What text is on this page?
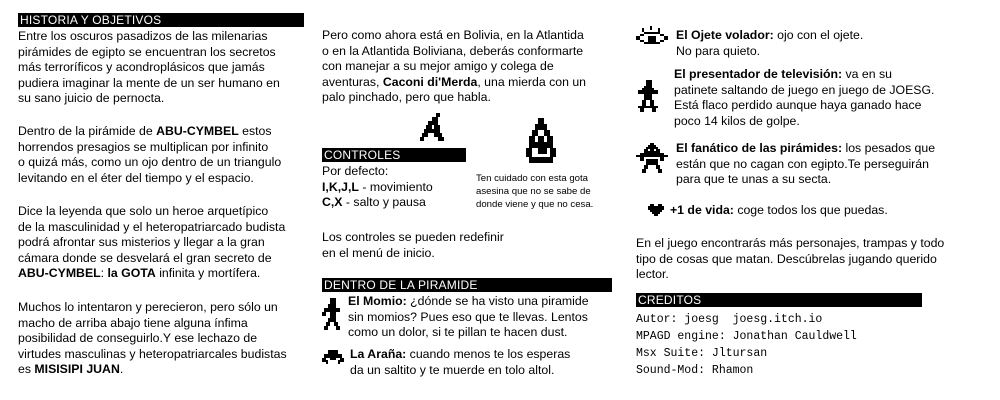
HISTORIA Y OBJETIVOS

Entre los oscuros pasadizos de las milenarias

pirámides de egipto se encuentran los secretos

más terroríficos y acondroplásicos que jamás

pudiera imaginar la mente de un ser humano en

su sano juicio de pernocta.

Dentro de la pirámide de ABU-CYMBEL estos

horrendos presagios se multiplican por infinito

o quizá más, como un ojo dentro de un triangulo

levitando en el éter del tiempo y el espacio.

Dice la leyenda que solo un heroe arquetípico

de la masculinidad y el heteropatriarcado budista

podrá afrontar sus misterios y llegar a la gran

cámara donde se desvelará el gran secreto de

ABU-CYMBEL: la GOTA infinita y mortífera.

Muchos lo intentaron y perecieron, pero sólo un

macho de arriba abajo tiene alguna ínfima

posibilidad de conseguirlo.Y ese lechazo de

virtudes masculinas y heteropatriarcales budistas

es MISISIPI JUAN.

Pero como ahora está en Bolivia, en la Atlantida

o en la Atlantida Boliviana, deberás conformarte

con manejar a su mejor amigo y colega de

aventuras, Caconi di'Merda, una mierda con un

palo pinchado, pero que habla.

CONTROLES

Por defecto:

I,K,J,L - movimiento

C,X - salto y pausa

Ten cuidado con esta gota
asesina que no se sabe de
donde viene y que no cesa.

Los controles se pueden redefinir

en el menú de inicio.

DENTRO DE LA PIRAMIDE
El Momio: ¿dónde se ha visto una piramide
sin momios? Pues eso que te llevas. Lentos
como un dolor, si te pillan te hacen dust.
La Araña: cuando menos te los esperas
da un saltito y te muerde en tolo altol.
El Ojete volador: ojo con el ojete.
No para quieto.
El presentador de televisión: va en su
patinete saltando de juego en juego de JOESG.
Está flaco perdido aunque haya ganado hace
poco 14 kilos de golpe.
El fanático de las pirámides: los pesados que
están que no cagan con egipto.Te perseguirán
para que te unas a su secta.
+1 de vida: coge todos los que puedas.

En el juego encontrarás más personajes, trampas y todo

tipo de cosas que matan. Descúbrelas jugando querido

lector.

CREDITOS
Autor: joesg  joesg.itch.io
MPAGD engine: Jonathan Cauldwell
Msx Suite: Jltursan
Sound-Mod: Rhamon
